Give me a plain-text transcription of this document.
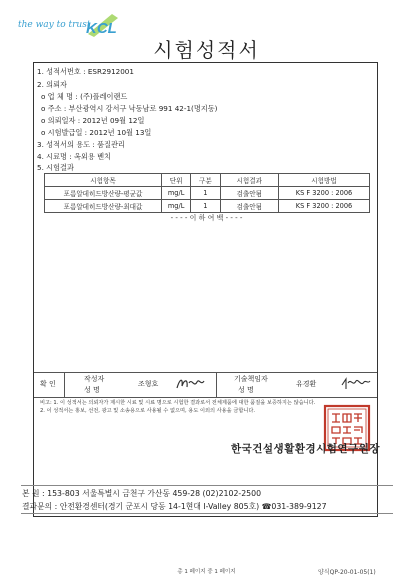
the way to trust
KCL
시험성적서
1. 성적서번호 : ESR2912001
2. 의뢰자
o 업 체 명 : (주)플레이랜드
o 주소 : 부산광역시 강서구 낙동남로 991 42-1(명지동)
o 의뢰일자 : 2012년 09월 12일
o 시험발급일 : 2012년 10월 13일
3. 성적서의 용도 : 품질관리
4. 시료명 : 옥외용 벤치
5. 시험결과
시험항목	단위	구분	시험결과	시험방법
포름알데히드방산량-평균값	mg/L	1	검출안됨	KS F 3200 : 2006
포름알데히드방산량-최대값	mg/L	1	검출안됨	KS F 3200 : 2006
- - - - 이 하 여 백 - - - -
확 인
작성자
성 명
조형호
기술책임자
성 명
유경환
비고: 1. 이 성적서는 의뢰자가 제시한 시료 및 시료 명으로 시험한 결과로서 전체제품에 대한 품질을 보증하지는 않습니다.
2. 이 성적서는 홍보, 선전, 광고 및 소송용으로 사용될 수 없으며, 용도 이외의 사용을 금합니다.
한국건설생활환경시험연구원장
본 원 : 153-803 서울특별시 금천구 가산동 459-28 (02)2102-2500
결과문의 : 안전환경센터(경기 군포시 당동 14-1현대 I-Valley 805호) ☎031-389-9127
총 1 페이지 중 1 페이지	양식QP-20-01-05(1)
